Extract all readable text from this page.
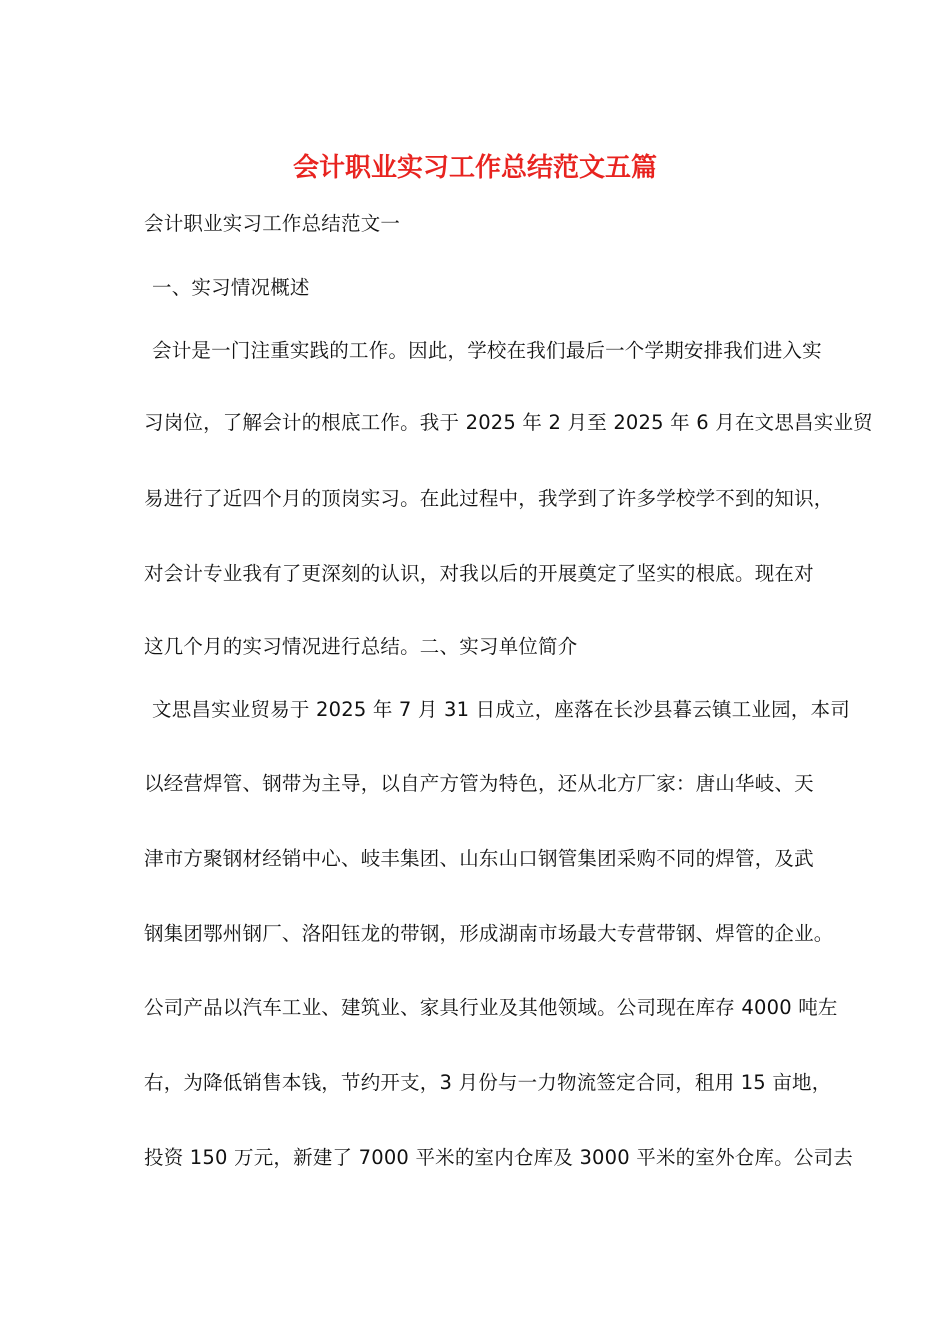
会计职业实习工作总结范文五篇
会计职业实习工作总结范文一
一、实习情况概述
会计是一门注重实践的工作。因此，学校在我们最后一个学期安排我们进入实
习岗位，了解会计的根底工作。我于 2025 年 2 月至 2025 年 6 月在文思昌实业贸
易进行了近四个月的顶岗实习。在此过程中，我学到了许多学校学不到的知识，
对会计专业我有了更深刻的认识，对我以后的开展奠定了坚实的根底。现在对
这几个月的实习情况进行总结。二、实习单位简介
文思昌实业贸易于 2025 年 7 月 31 日成立，座落在长沙县暮云镇工业园，本司
以经营焊管、钢带为主导，以自产方管为特色，还从北方厂家：唐山华岐、天
津市方聚钢材经销中心、岐丰集团、山东山口钢管集团采购不同的焊管，及武
钢集团鄂州钢厂、洛阳钰龙的带钢，形成湖南市场最大专营带钢、焊管的企业。
公司产品以汽车工业、建筑业、家具行业及其他领域。公司现在库存 4000 吨左
右，为降低销售本钱，节约开支，3 月份与一力物流签定合同，租用 15 亩地，
投资 150 万元，新建了 7000 平米的室内仓库及 3000 平米的室外仓库。公司去
